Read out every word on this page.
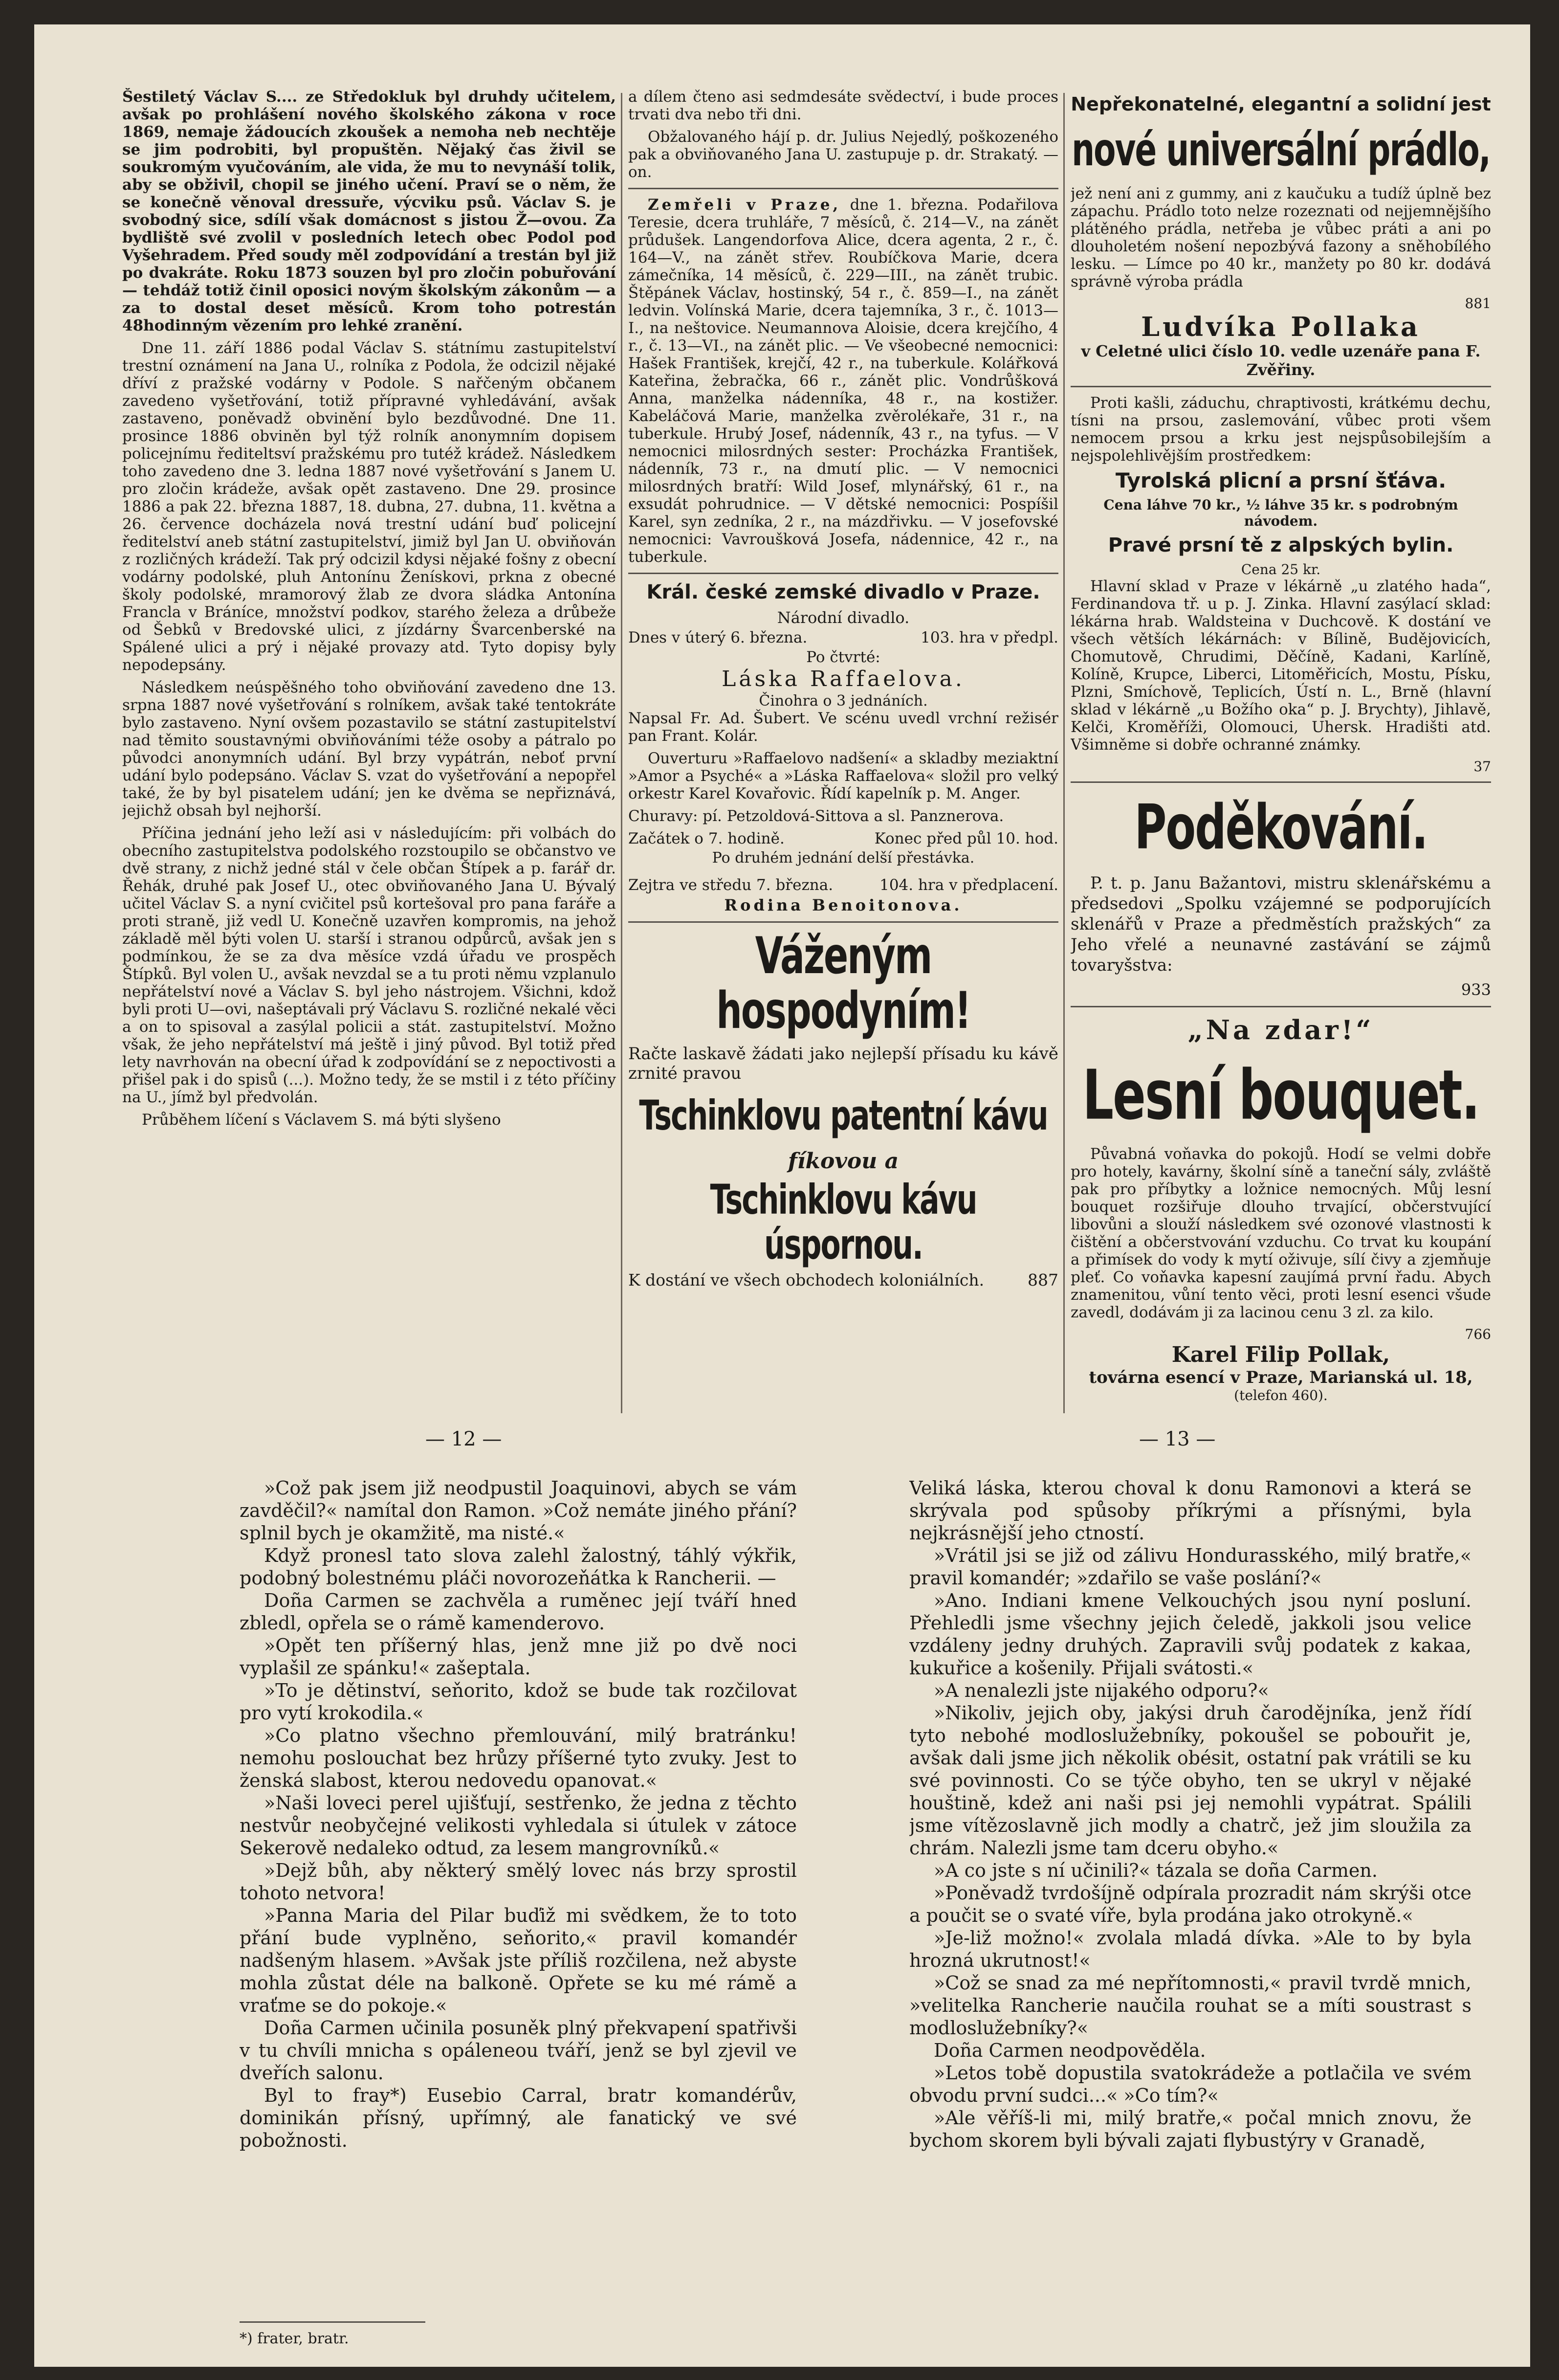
Šestiletý Václav S.... ze Středokluk byl druhdy učitelem, avšak po prohlášení nového školského zákona v roce 1869, nemaje žádoucích zkoušek a nemoha neb nechtěje se jim podrobiti, byl propuštěn. Nějaký čas živil se soukromým vyučováním, ale vida, že mu to nevynáší tolik, aby se obživil, chopil se jiného učení. Praví se o něm, že se konečně věnoval dressuře, výcviku psů. Václav S. je svobodný sice, sdílí však domácnost s jistou Ž—ovou. Za bydliště své zvolil v posledních letech obec Podol pod Vyšehradem. Před soudy měl zodpovídání a trestán byl již po dvakráte. Roku 1873 souzen byl pro zločin pobuřování — tehdáž totiž činil oposici novým školským zákonům — a za to dostal deset měsíců. Krom toho potrestán 48hodinným vězením pro lehké zranění.

Dne 11. září 1886 podal Václav S. státnímu zastupitelství trestní oznámení na Jana U., rolníka z Podola, že odcizil nějaké dříví z pražské vodárny v Podole. S nařčeným občanem zavedeno vyšetřování, totiž přípravné vyhledávání, avšak zastaveno, poněvadž obvinění bylo bezdůvodné. Dne 11. prosince 1886 obviněn byl týž rolník anonymním dopisem policejnímu řediteltsví pražskému pro tutéž krádež. Následkem toho zavedeno dne 3. ledna 1887 nové vyšetřování s Janem U. pro zločin krádeže, avšak opět zastaveno. Dne 29. prosince 1886 a pak 22. března 1887, 18. dubna, 27. dubna, 11. května a 26. července docházela nová trestní udání buď policejní ředitelství aneb státní zastupitelství, jimiž byl Jan U. obviňován z rozličných krádeží. Tak prý odcizil kdysi nějaké fošny z obecní vodárny podolské, pluh Antonínu Ženískovi, prkna z obecné školy podolské, mramorový žlab ze dvora sládka Antonína Francla v Bráníce, množství podkov, starého železa a drůbeže od Šebků v Bredovské ulici, z jízdárny Švarcenberské na Spálené ulici a prý i nějaké provazy atd. Tyto dopisy byly nepodepsány.

Následkem neúspěšného toho obviňování zavedeno dne 13. srpna 1887 nové vyšetřování s rolníkem, avšak také tentokráte bylo zastaveno. Nyní ovšem pozastavilo se státní zastupitelství nad těmito soustavnými obviňováními téže osoby a pátralo po původci anonymních udání. Byl brzy vypátrán, neboť první udání bylo podepsáno. Václav S. vzat do vyšetřování a nepopřel také, že by byl pisatelem udání; jen ke dvěma se nepřiznává, jejichž obsah byl nejhorší.

Příčina jednání jeho leží asi v následujícím: při volbách do obecního zastupitelstva podolského rozstoupilo se občanstvo ve dvě strany, z nichž jedné stál v čele občan Štípek a p. farář dr. Řehák, druhé pak Josef U., otec obviňovaného Jana U. Bývalý učitel Václav S. a nyní cvičitel psů kortešoval pro pana faráře a proti straně, již vedl U. Konečně uzavřen kompromis, na jehož základě měl býti volen U. starší i stranou odpůrců, avšak jen s podmínkou, že se za dva měsíce vzdá úřadu ve prospěch Štípků. Byl volen U., avšak nevzdal se a tu proti němu vzplanulo nepřátelství nové a Václav S. byl jeho nástrojem. Všichni, kdož byli proti U—ovi, našeptávali prý Václavu S. rozličné nekalé věci a on to spisoval a zasýlal policii a stát. zastupitelství. Možno však, že jeho nepřátelství má ještě i jiný původ. Byl totiž před lety navrhován na obecní úřad k zodpovídání se z nepoctivosti a přišel pak i do spisů (...). Možno tedy, že se mstil i z této příčiny na U., jímž byl předvolán.

Průběhem líčení s Václavem S. má býti slyšeno

a dílem čteno asi sedmdesáte svědectví, i bude proces trvati dva nebo tři dni.

Obžalovaného hájí p. dr. Julius Nejedlý, poškozeného pak a obviňovaného Jana U. zastupuje p. dr. Strakatý. —on.

Zemřeli v Praze, dne 1. března. Podařilova Teresie, dcera truhláře, 7 měsíců, č. 214—V., na zánět průdušek. Langendorfova Alice, dcera agenta, 2 r., č. 164—V., na zánět střev. Roubíčkova Marie, dcera zámečníka, 14 měsíců, č. 229—III., na zánět trubic. Štěpánek Václav, hostinský, 54 r., č. 859—I., na zánět ledvin. Volínská Marie, dcera tajemníka, 3 r., č. 1013—I., na neštovice. Neumannova Aloisie, dcera krejčího, 4 r., č. 13—VI., na zánět plic. — Ve všeobecné nemocnici: Hašek František, krejčí, 42 r., na tuberkule. Kolářková Kateřina, žebračka, 66 r., zánět plic. Vondrůšková Anna, manželka nádenníka, 48 r., na kostižer. Kabeláčová Marie, manželka zvěrolékaře, 31 r., na tuberkule. Hrubý Josef, nádenník, 43 r., na tyfus. — V nemocnici milosrdných sester: Procházka František, nádenník, 73 r., na dmutí plic. — V nemocnici milosrdných bratří: Wild Josef, mlynářský, 61 r., na exsudát pohrudnice. — V dětské nemocnici: Pospíšil Karel, syn zedníka, 2 r., na mázdřivku. — V josefovské nemocnici: Vavroušková Josefa, nádennice, 42 r., na tuberkule.

Král. české zemské divadlo v Praze.
Národní divadlo.
Dnes v úterý 6. března.	103. hra v předpl.
Po čtvrté:
Láska Raffaelova.
Činohra o 3 jednáních.

Napsal Fr. Ad. Šubert. Ve scénu uvedl vrchní režisér pan Frant. Kolár.

Ouverturu »Raffaelovo nadšení« a skladby meziaktní »Amor a Psyché« a »Láska Raffaelova« složil pro velký orkestr Karel Kovařovic. Řídí kapelník p. M. Anger.

Churavy: pí. Petzoldová-Sittova a sl. Panznerova.

Začátek o 7. hodině.	Konec před půl 10. hod.
Po druhém jednání delší přestávka.
Zejtra ve středu 7. března.	104. hra v předplacení.
Rodina Benoitonova.
Váženým hospodyním!

Račte laskavě žádati jako nejlepší přísadu ku kávě zrnité pravou

Tschinklovu patentní kávu
fíkovou a
Tschinklovu kávu úspornou.
K dostání ve všech obchodech koloniálních.	887
Nepřekonatelné, elegantní a solidní jest
nové universální prádlo,

jež není ani z gummy, ani z kaučuku a tudíž úplně bez zápachu. Prádlo toto nelze rozeznati od nejjemnějšího plátěného prádla, netřeba je vůbec práti a ani po dlouholetém nošení nepozbývá fazony a sněhobílého lesku. — Límce po 40 kr., manžety po 80 kr. dodává správně výroba prádla

881
Ludvíka Pollaka
v Celetné ulici číslo 10. vedle uzenáře pana F. Zvěřiny.

Proti kašli, záduchu, chraptivosti, krátkému dechu, tísni na prsou, zaslemování, vůbec proti všem nemocem prsou a krku jest nejspůsobilejším a nejspolehlivějším prostředkem:

Tyrolská plicní a prsní šťáva.
Cena láhve 70 kr., ½ láhve 35 kr. s podrobným návodem.
Pravé prsní tě z alpských bylin.
Cena 25 kr.

Hlavní sklad v Praze v lékárně „u zlatého hada“, Ferdinandova tř. u p. J. Zinka. Hlavní zasýlací sklad: lékárna hrab. Waldsteina v Duchcově. K dostání ve všech větších lékárnách: v Bílině, Budějovicích, Chomutově, Chrudimi, Děčíně, Kadani, Karlíně, Kolíně, Krupce, Liberci, Litoměřicích, Mostu, Písku, Plzni, Smíchově, Teplicích, Ústí n. L., Brně (hlavní sklad v lékárně „u Božího oka“ p. J. Brychty), Jihlavě, Kelči, Kroměříži, Olomouci, Uhersk. Hradišti atd. Všimněme si dobře ochranné známky.

37
Poděkování.

P. t. p. Janu Bažantovi, mistru sklenářskému a předsedovi „Spolku vzájemné se podporujících sklenářů v Praze a předměstích pražských“ za Jeho vřelé a neunavné zastávání se zájmů tovaryšstva:

933
„Na zdar!“
Lesní bouquet.

Půvabná voňavka do pokojů. Hodí se velmi dobře pro hotely, kavárny, školní síně a taneční sály, zvláště pak pro příbytky a ložnice nemocných. Můj lesní bouquet rozšiřuje dlouho trvající, občerstvující libovůni a slouží následkem své ozonové vlastnosti k čištění a občerstvování vzduchu. Co trvat ku koupání a přimísek do vody k mytí oživuje, sílí čivy a zjemňuje pleť. Co voňavka kapesní zaujímá první řadu. Abych znamenitou, vůní tento věci, proti lesní esenci všude zavedl, dodávám ji za lacinou cenu 3 zl. za kilo.

766
Karel Filip Pollak,
továrna esencí v Praze, Marianská ul. 18,
(telefon 460).
— 12 —	— 13 —

»Což pak jsem již neodpustil Joaquinovi, abych se vám zavděčil?« namítal don Ramon. »Což nemáte jiného přání? splnil bych je okamžitě, ma nisté.«

Když pronesl tato slova zalehl žalostný, táhlý výkřik, podobný bolestnému pláči novorozeňátka k Rancherii. —

Doña Carmen se zachvěla a ruměnec její tváří hned zbledl, opřela se o rámě kamenderovo.

»Opět ten příšerný hlas, jenž mne již po dvě noci vyplašil ze spánku!« zašeptala.

»To je dětinství, seňorito, kdož se bude tak rozčilovat pro vytí krokodila.«

»Co platno všechno přemlouvání, milý bratránku! nemohu poslouchat bez hrůzy příšerné tyto zvuky. Jest to ženská slabost, kterou nedovedu opanovat.«

»Naši loveci perel ujišťují, sestřenko, že jedna z těchto nestvůr neobyčejné velikosti vyhledala si útulek v zátoce Sekerově nedaleko odtud, za lesem mangrovníků.«

»Dejž bůh, aby některý smělý lovec nás brzy sprostil tohoto netvora!

»Panna Maria del Pilar buďiž mi svědkem, že to toto přání bude vyplněno, seňorito,« pravil komandér nadšeným hlasem. »Avšak jste příliš rozčilena, než abyste mohla zůstat déle na balkoně. Opřete se ku mé rámě a vraťme se do pokoje.«

Doña Carmen učinila posuněk plný překvapení spatřivši v tu chvíli mnicha s opáleneou tváří, jenž se byl zjevil ve dveřích salonu.

Byl to fray*) Eusebio Carral, bratr komandérův, dominikán přísný, upřímný, ale fanatický ve své pobožnosti.

*) frater, bratr.

Veliká láska, kterou choval k donu Ramonovi a která se skrývala pod spůsoby příkrými a přísnými, byla nejkrásnější jeho ctností.

»Vrátil jsi se již od zálivu Hondurasského, milý bratře,« pravil komandér; »zdařilo se vaše poslání?«

»Ano. Indiani kmene Velkouchých jsou nyní posluní. Přehledli jsme všechny jejich čeledě, jakkoli jsou velice vzdáleny jedny druhých. Zapravili svůj podatek z kakaa, kukuřice a košenily. Přijali svátosti.«

»A nenalezli jste nijakého odporu?«

»Nikoliv, jejich oby, jakýsi druh čarodějníka, jenž řídí tyto nebohé modloslužebníky, pokoušel se pobouřit je, avšak dali jsme jich několik obésit, ostatní pak vrátili se ku své povinnosti. Co se týče obyho, ten se ukryl v nějaké houštině, kdež ani naši psi jej nemohli vypátrat. Spálili jsme vítězoslavně jich modly a chatrč, jež jim sloužila za chrám. Nalezli jsme tam dceru obyho.«

»A co jste s ní učinili?« tázala se doña Carmen.

»Poněvadž tvrdošíjně odpírala prozradit nám skrýši otce a poučit se o svaté víře, byla prodána jako otrokyně.«

»Je-liž možno!« zvolala mladá dívka. »Ale to by byla hrozná ukrutnost!«

»Což se snad za mé nepřítomnosti,« pravil tvrdě mnich, »velitelka Rancherie naučila rouhat se a míti soustrast s modloslužebníky?«

Doña Carmen neodpověděla.

»Letos tobě dopustila svatokrádeže a potlačila ve svém obvodu první sudci...« »Co tím?«

»Ale věříš-li mi, milý bratře,« počal mnich znovu, že bychom skorem byli bývali zajati flybustýry v Granadě,
